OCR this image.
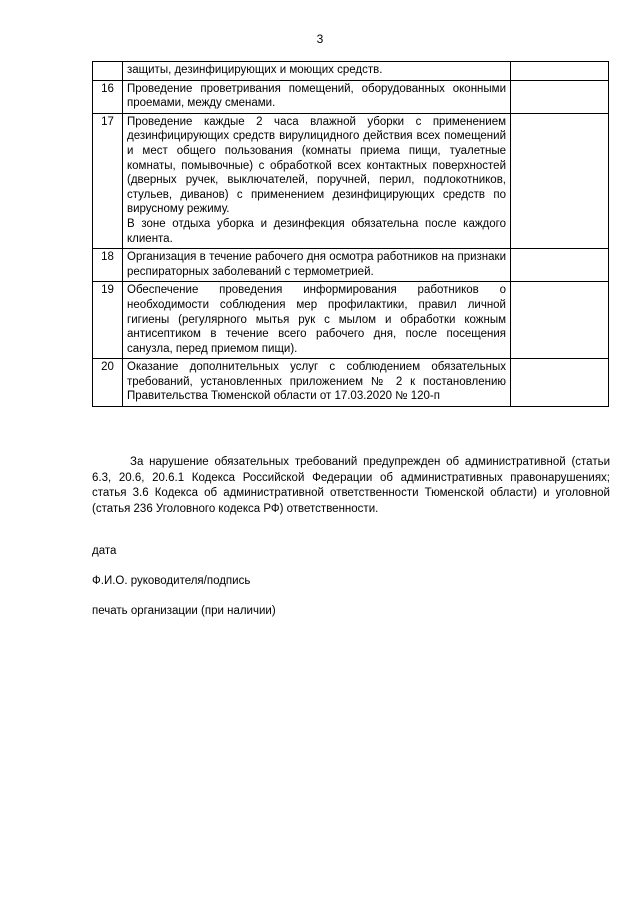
3

	защиты, дезинфицирующих и моющих средств.	

16	Проведение проветривания помещений, оборудованных оконными проемами, между сменами.	

17	Проведение каждые 2 часа влажной уборки с применением дезинфицирующих средств вирулицидного действия всех помещений и мест общего пользования (комнаты приема пищи, туалетные комнаты, помывочные) с обработкой всех контактных поверхностей (дверных ручек, выключателей, поручней, перил, подлокотников, стульев, диванов) с применением дезинфицирующих средств по вирусному режиму.
В зоне отдыха уборка и дезинфекция обязательна после каждого клиента.	

18	Организация в течение рабочего дня осмотра работников на признаки респираторных заболеваний с термометрией.	

19	Обеспечение проведения информирования работников о необходимости соблюдения мер профилактики, правил личной гигиены (регулярного мытья рук с мылом и обработки кожным антисептиком в течение всего рабочего дня, после посещения санузла, перед приемом пищи).	

20	Оказание дополнительных услуг с соблюдением обязательных требований, установленных приложением № 2 к постановлению Правительства Тюменской области от 17.03.2020 № 120-п	

За нарушение обязательных требований предупрежден об административной (статьи 6.3, 20.6, 20.6.1 Кодекса Российской Федерации об административных правонарушениях; статья 3.6 Кодекса об административной ответственности Тюменской области) и уголовной (статья 236 Уголовного кодекса РФ) ответственности.
дата
Ф.И.О. руководителя/подпись
печать организации (при наличии)
